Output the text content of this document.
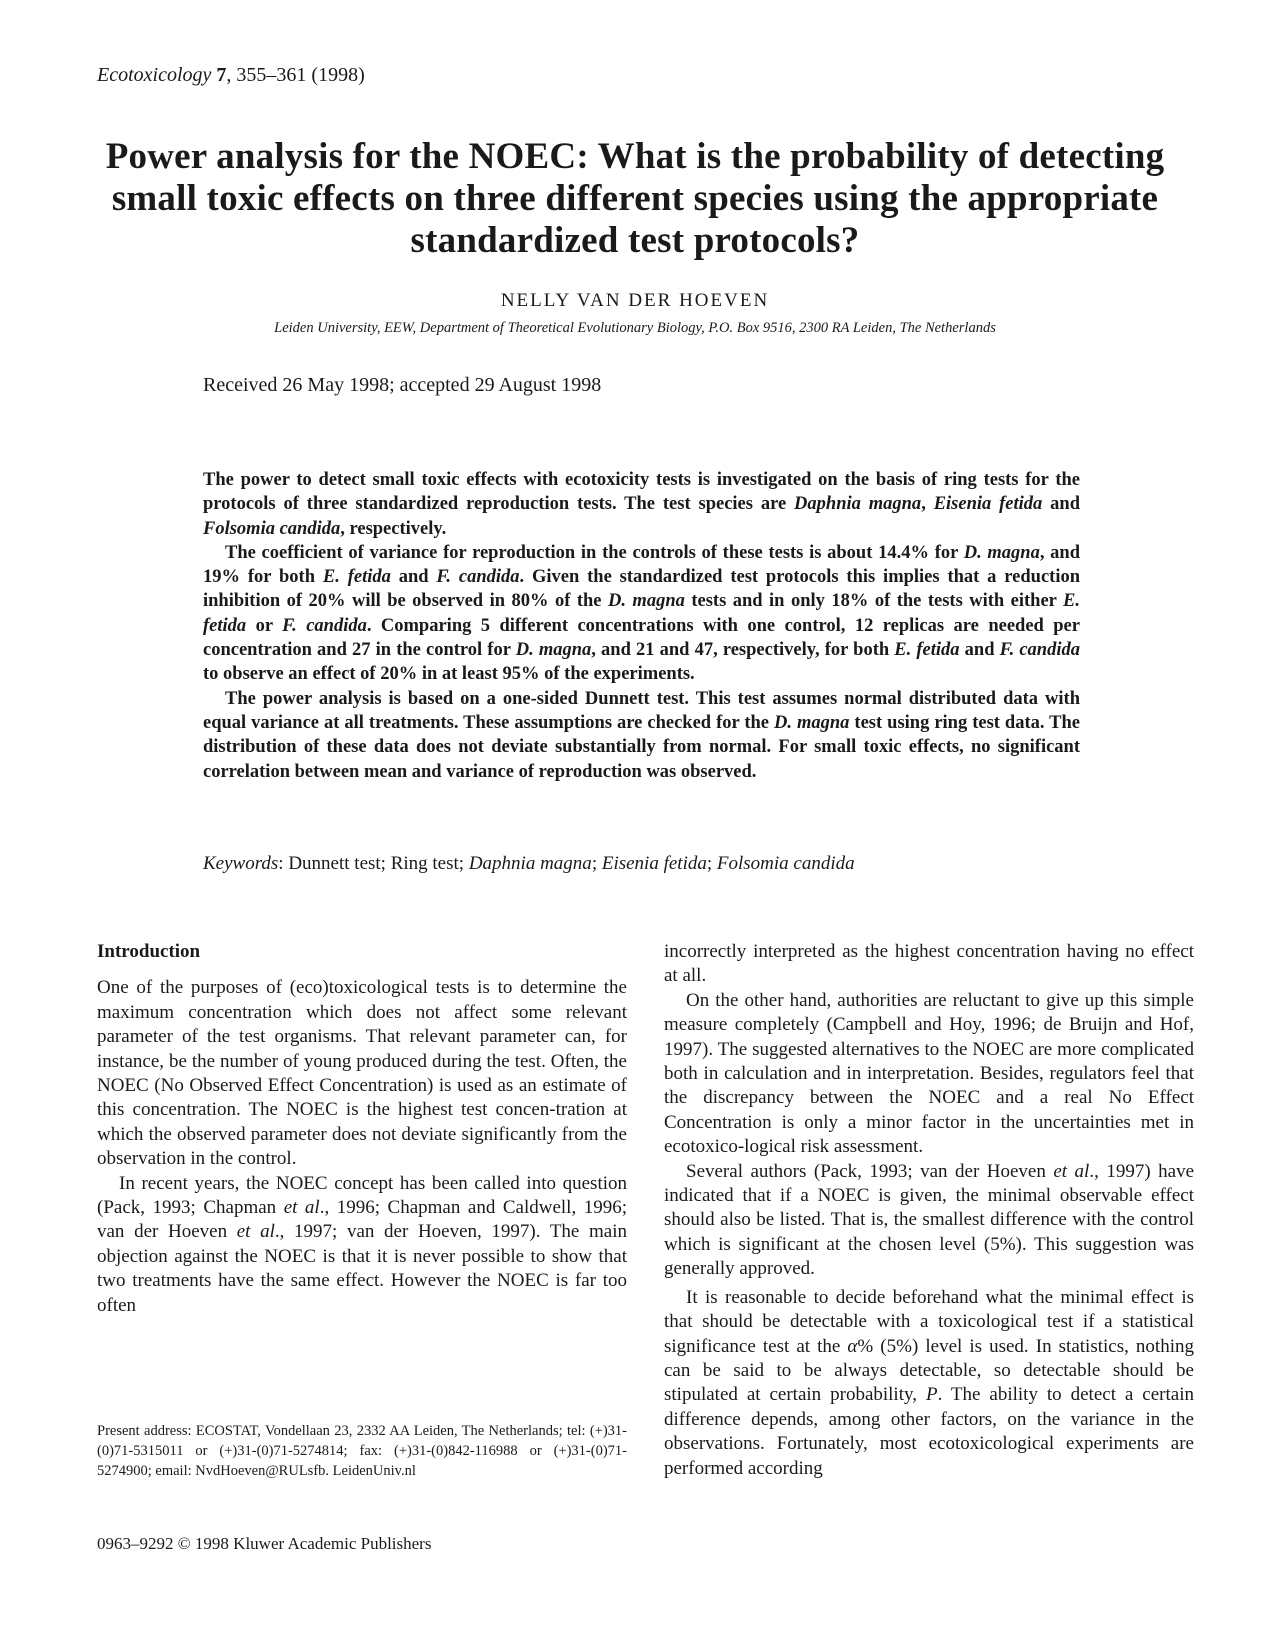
Ecotoxicology 7, 355–361 (1998)
Power analysis for the NOEC: What is the probability of detecting small toxic effects on three different species using the appropriate standardized test protocols?
NELLY VAN DER HOEVEN
Leiden University, EEW, Department of Theoretical Evolutionary Biology, P.O. Box 9516, 2300 RA Leiden, The Netherlands
Received 26 May 1998; accepted 29 August 1998

The power to detect small toxic effects with ecotoxicity tests is investigated on the basis of ring tests for the protocols of three standardized reproduction tests. The test species are Daphnia magna, Eisenia fetida and Folsomia candida, respectively.

The coefficient of variance for reproduction in the controls of these tests is about 14.4% for D. magna, and 19% for both E. fetida and F. candida. Given the standardized test protocols this implies that a reduction inhibition of 20% will be observed in 80% of the D. magna tests and in only 18% of the tests with either E. fetida or F. candida. Comparing 5 different concentrations with one control, 12 replicas are needed per concentration and 27 in the control for D. magna, and 21 and 47, respectively, for both E. fetida and F. candida to observe an effect of 20% in at least 95% of the experiments.

The power analysis is based on a one-sided Dunnett test. This test assumes normal distributed data with equal variance at all treatments. These assumptions are checked for the D. magna test using ring test data. The distribution of these data does not deviate substantially from normal. For small toxic effects, no significant correlation between mean and variance of reproduction was observed.

Keywords: Dunnett test; Ring test; Daphnia magna; Eisenia fetida; Folsomia candida
Introduction

One of the purposes of (eco)toxicological tests is to determine the maximum concentration which does not affect some relevant parameter of the test organisms. That relevant parameter can, for instance, be the number of young produced during the test. Often, the NOEC (No Observed Effect Concentration) is used as an estimate of this concentration. The NOEC is the highest test concen-tration at which the observed parameter does not deviate significantly from the observation in the control.

In recent years, the NOEC concept has been called into question (Pack, 1993; Chapman et al., 1996; Chapman and Caldwell, 1996; van der Hoeven et al., 1997; van der Hoeven, 1997). The main objection against the NOEC is that it is never possible to show that two treatments have the same effect. However the NOEC is far too often

incorrectly interpreted as the highest concentration having no effect at all.

On the other hand, authorities are reluctant to give up this simple measure completely (Campbell and Hoy, 1996; de Bruijn and Hof, 1997). The suggested alternatives to the NOEC are more complicated both in calculation and in interpretation. Besides, regulators feel that the discrepancy between the NOEC and a real No Effect Concentration is only a minor factor in the uncertainties met in ecotoxico-logical risk assessment.

Several authors (Pack, 1993; van der Hoeven et al., 1997) have indicated that if a NOEC is given, the minimal observable effect should also be listed. That is, the smallest difference with the control which is significant at the chosen level (5%). This suggestion was generally approved.

It is reasonable to decide beforehand what the minimal effect is that should be detectable with a toxicological test if a statistical significance test at the α% (5%) level is used. In statistics, nothing can be said to be always detectable, so detectable should be stipulated at certain probability, P. The ability to detect a certain difference depends, among other factors, on the variance in the observations. Fortunately, most ecotoxicological experiments are performed according

Present address: ECOSTAT, Vondellaan 23, 2332 AA Leiden, The Netherlands; tel: (+)31-(0)71-5315011 or (+)31-(0)71-5274814; fax: (+)31-(0)842-116988 or (+)31-(0)71-5274900; email: NvdHoeven@RULsfb. LeidenUniv.nl
0963–9292 © 1998 Kluwer Academic Publishers
